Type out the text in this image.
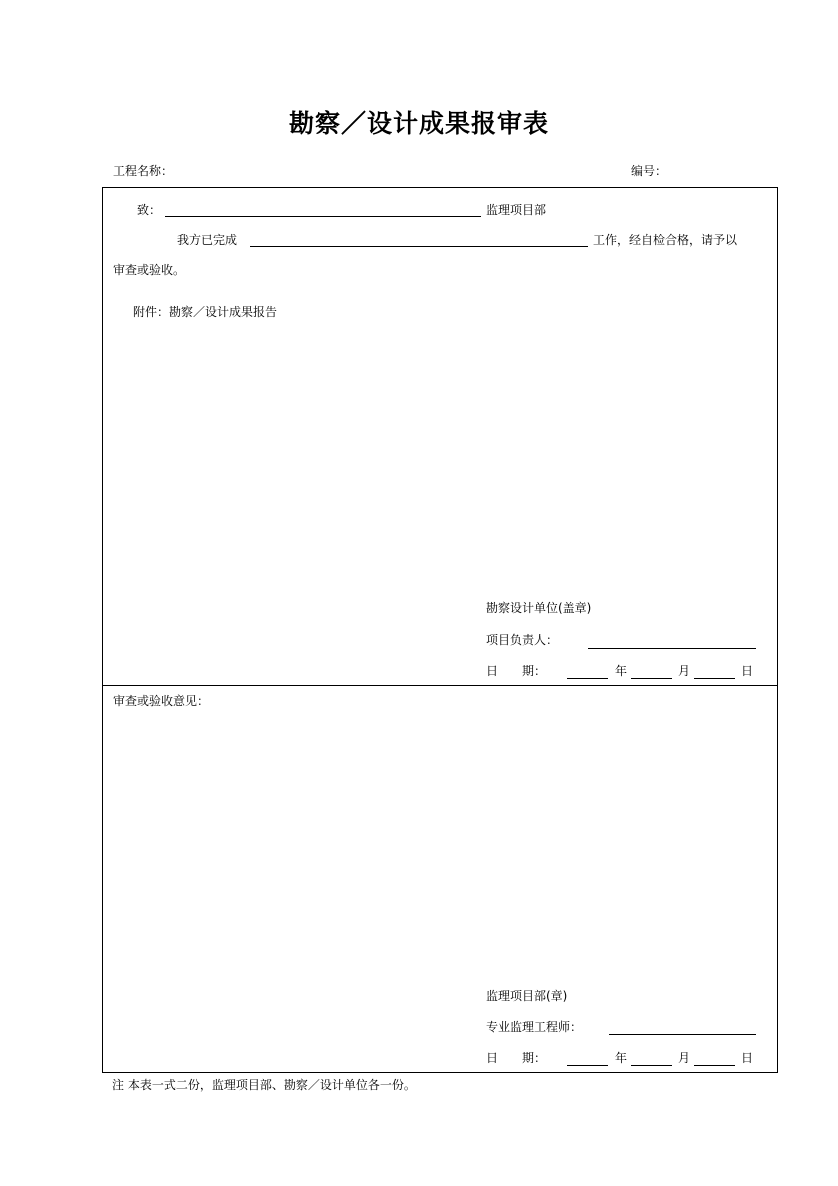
勘察／设计成果报审表
工程名称：	编号：
致：	监理项目部
我方已完成	工作，经自检合格，请予以
审查或验收。
附件：勘察／设计成果报告
勘察设计单位(盖章)
项目负责人：
日　　期：	年	月	日
审查或验收意见：
监理项目部(章)
专业监理工程师：
日　　期：	年	月	日
注 本表一式二份，监理项目部、勘察／设计单位各一份。
